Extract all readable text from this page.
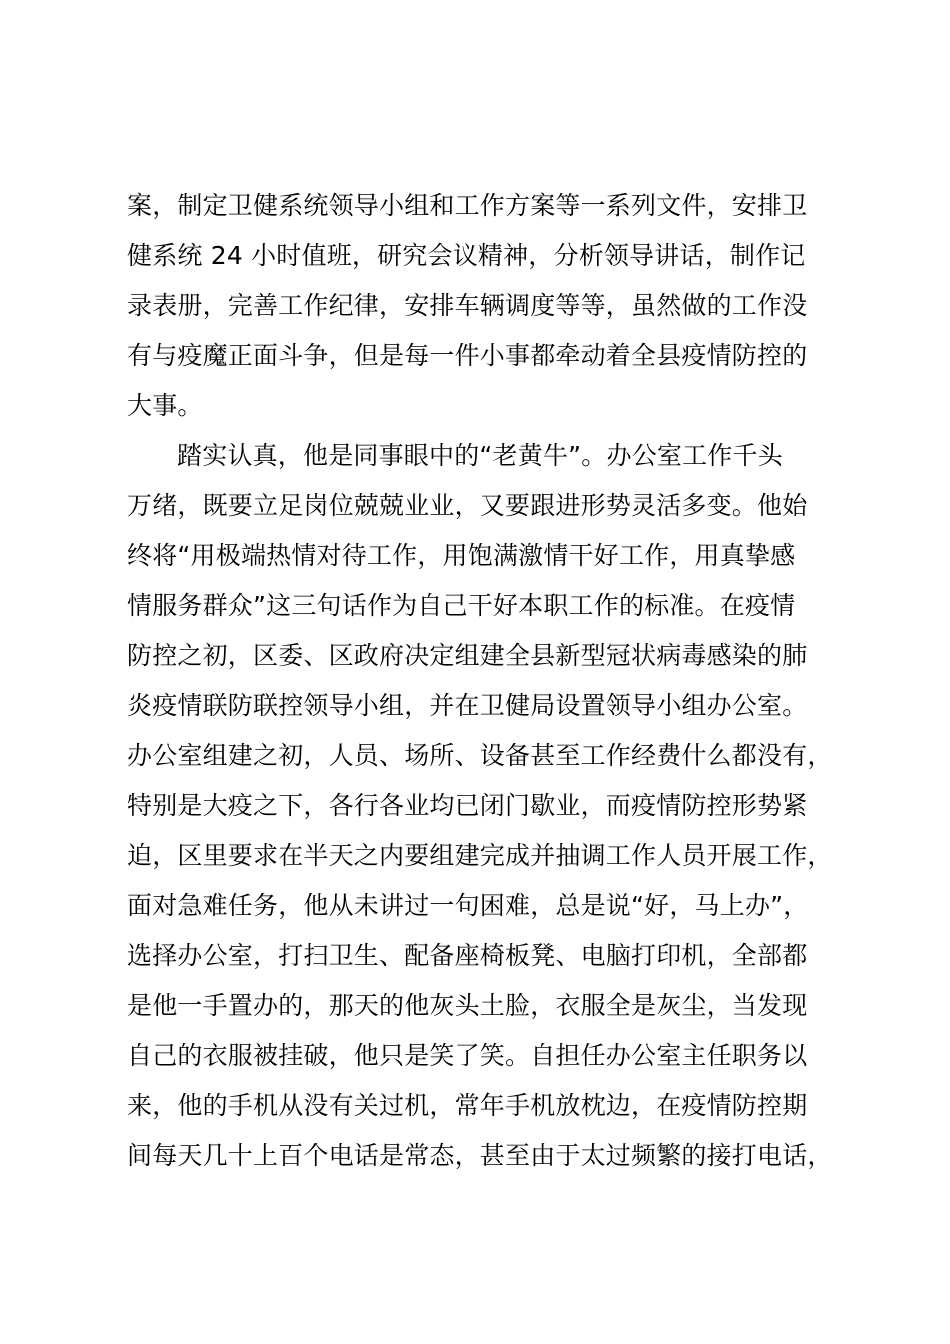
案，制定卫健系统领导小组和工作方案等一系列文件，安排卫
健系统 24 小时值班，研究会议精神，分析领导讲话，制作记
录表册，完善工作纪律，安排车辆调度等等，虽然做的工作没
有与疫魔正面斗争，但是每一件小事都牵动着全县疫情防控的
大事。
踏实认真，他是同事眼中的“老黄牛”。办公室工作千头
万绪，既要立足岗位兢兢业业，又要跟进形势灵活多变。他始
终将“用极端热情对待工作，用饱满激情干好工作，用真挚感
情服务群众”这三句话作为自己干好本职工作的标准。在疫情
防控之初，区委、区政府决定组建全县新型冠状病毒感染的肺
炎疫情联防联控领导小组，并在卫健局设置领导小组办公室。
办公室组建之初，人员、场所、设备甚至工作经费什么都没有，
特别是大疫之下，各行各业均已闭门歇业，而疫情防控形势紧
迫，区里要求在半天之内要组建完成并抽调工作人员开展工作，
面对急难任务，他从未讲过一句困难，总是说“好，马上办”，
选择办公室，打扫卫生、配备座椅板凳、电脑打印机，全部都
是他一手置办的，那天的他灰头土脸，衣服全是灰尘，当发现
自己的衣服被挂破，他只是笑了笑。自担任办公室主任职务以
来，他的手机从没有关过机，常年手机放枕边，在疫情防控期
间每天几十上百个电话是常态，甚至由于太过频繁的接打电话，
